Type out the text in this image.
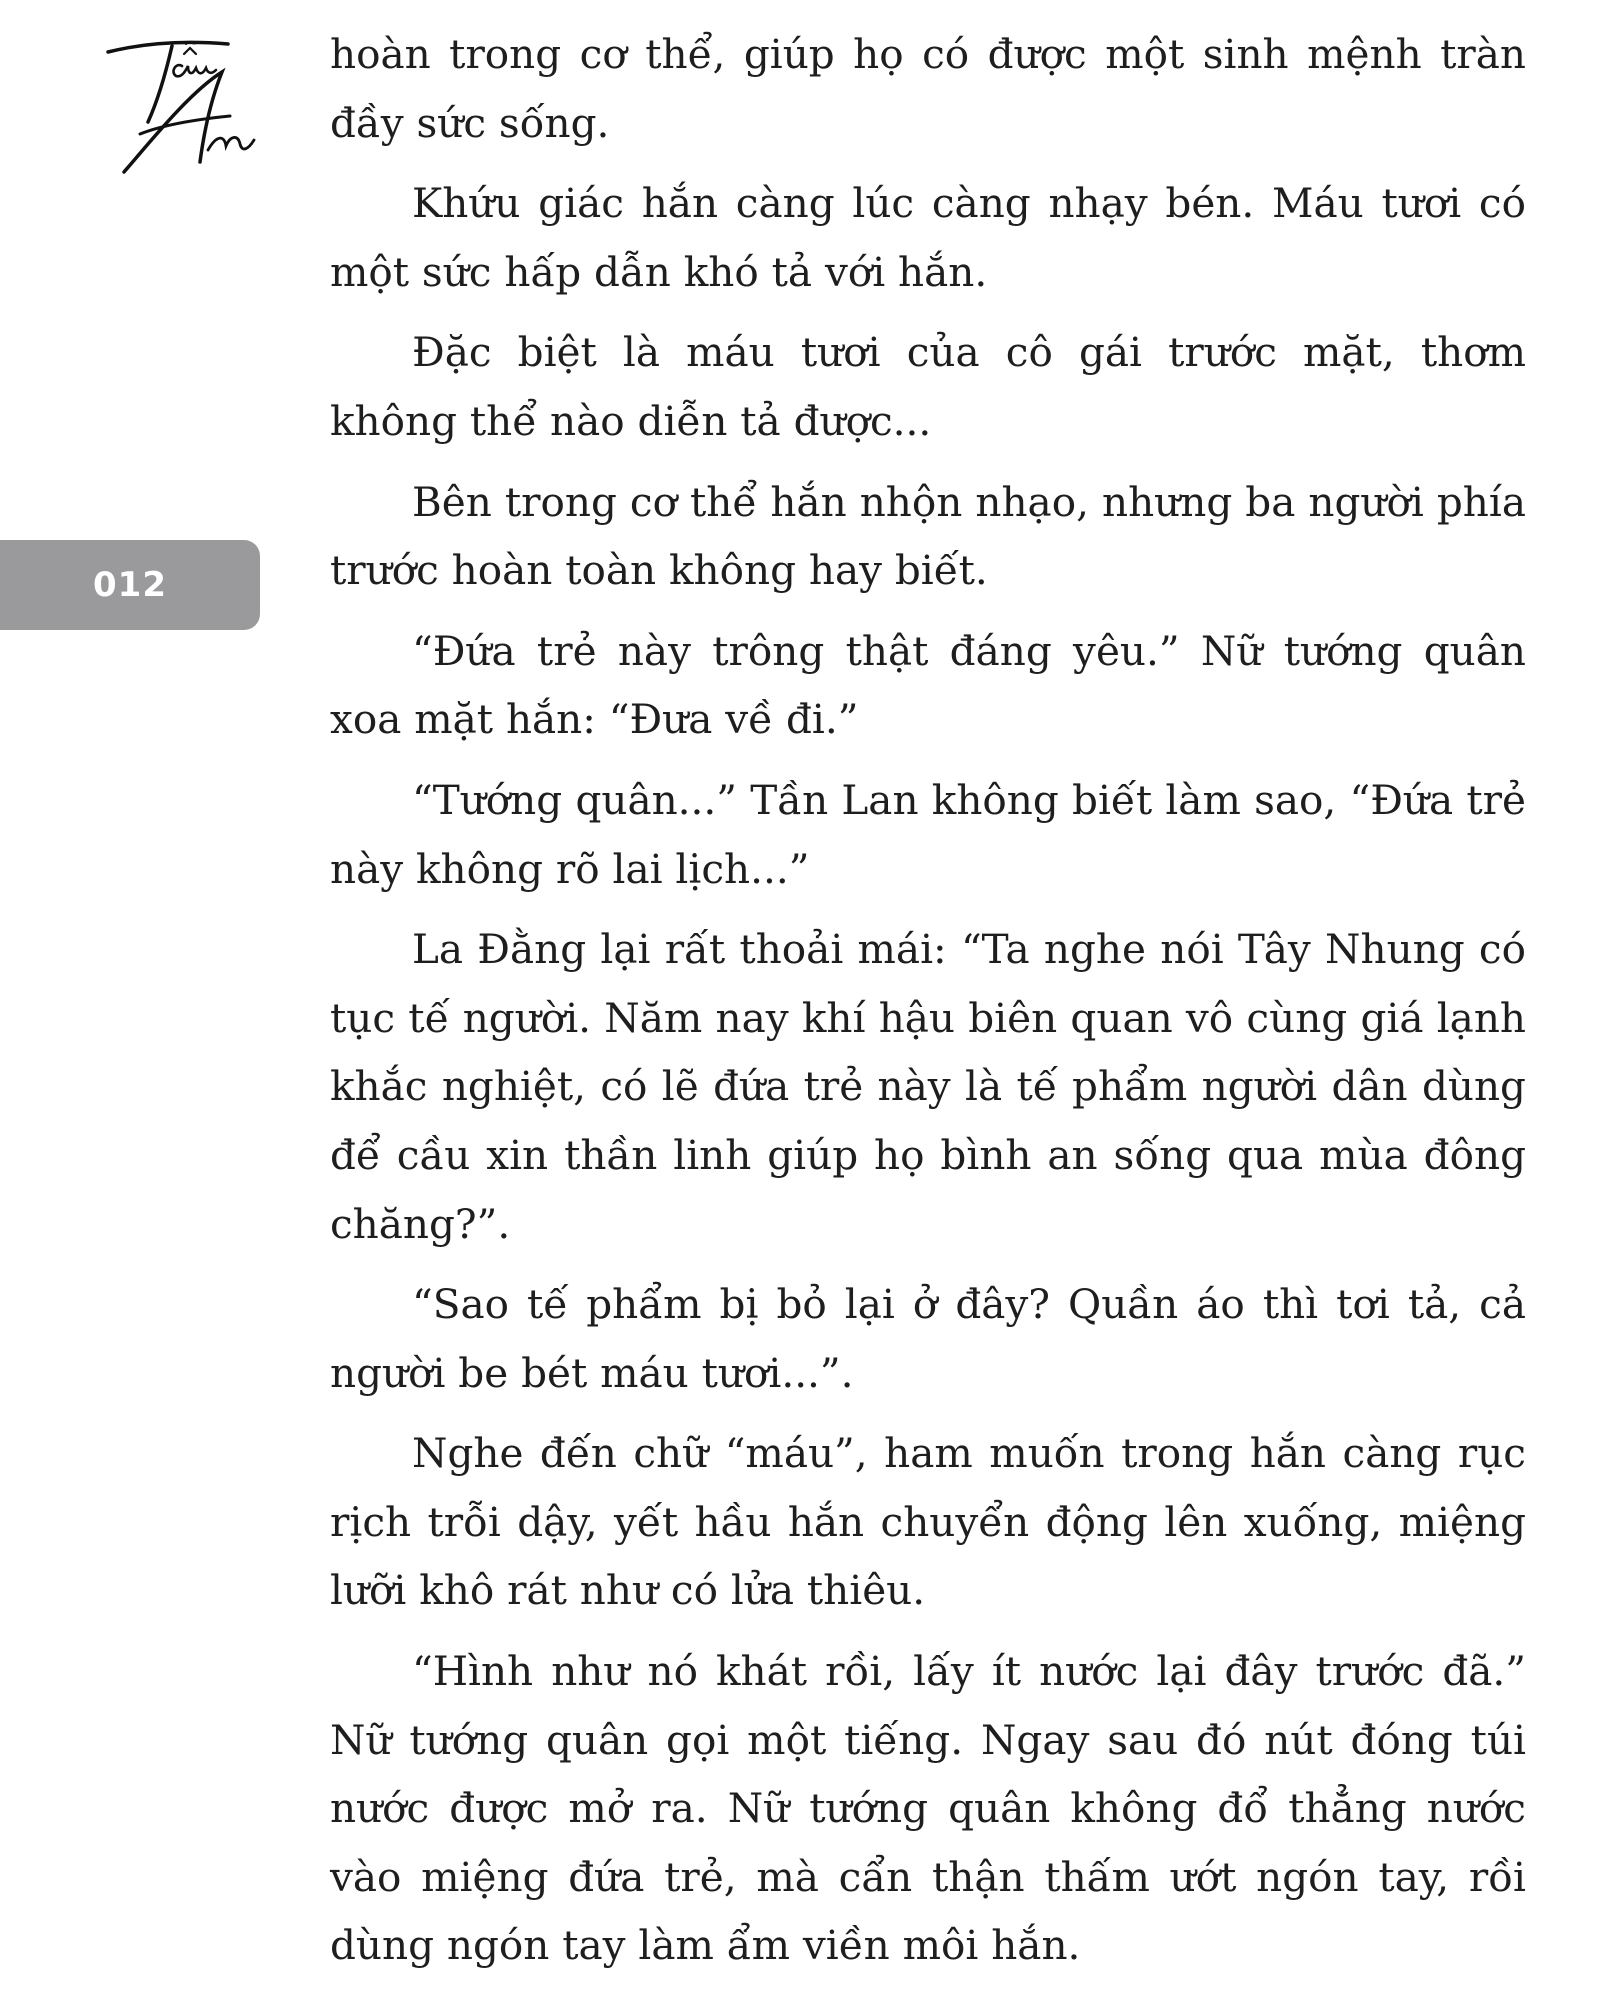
012

hoàn trong cơ thể, giúp họ có được một sinh mệnh tràn đầy sức sống.

Khứu giác hắn càng lúc càng nhạy bén. Máu tươi có một sức hấp dẫn khó tả với hắn.

Đặc biệt là máu tươi của cô gái trước mặt, thơm không thể nào diễn tả được...

Bên trong cơ thể hắn nhộn nhạo, nhưng ba người phía trước hoàn toàn không hay biết.

“Đứa trẻ này trông thật đáng yêu.” Nữ tướng quân xoa mặt hắn: “Đưa về đi.”

“Tướng quân...” Tần Lan không biết làm sao, “Đứa trẻ này không rõ lai lịch...”

La Đằng lại rất thoải mái: “Ta nghe nói Tây Nhung có tục tế người. Năm nay khí hậu biên quan vô cùng giá lạnh khắc nghiệt, có lẽ đứa trẻ này là tế phẩm người dân dùng để cầu xin thần linh giúp họ bình an sống qua mùa đông chăng?”.

“Sao tế phẩm bị bỏ lại ở đây? Quần áo thì tơi tả, cả người be bét máu tươi...”.

Nghe đến chữ “máu”, ham muốn trong hắn càng rục rịch trỗi dậy, yết hầu hắn chuyển động lên xuống, miệng lưỡi khô rát như có lửa thiêu.

“Hình như nó khát rồi, lấy ít nước lại đây trước đã.” Nữ tướng quân gọi một tiếng. Ngay sau đó nút đóng túi nước được mở ra. Nữ tướng quân không đổ thẳng nước vào miệng đứa trẻ, mà cẩn thận thấm ướt ngón tay, rồi dùng ngón tay làm ẩm viền môi hắn.
